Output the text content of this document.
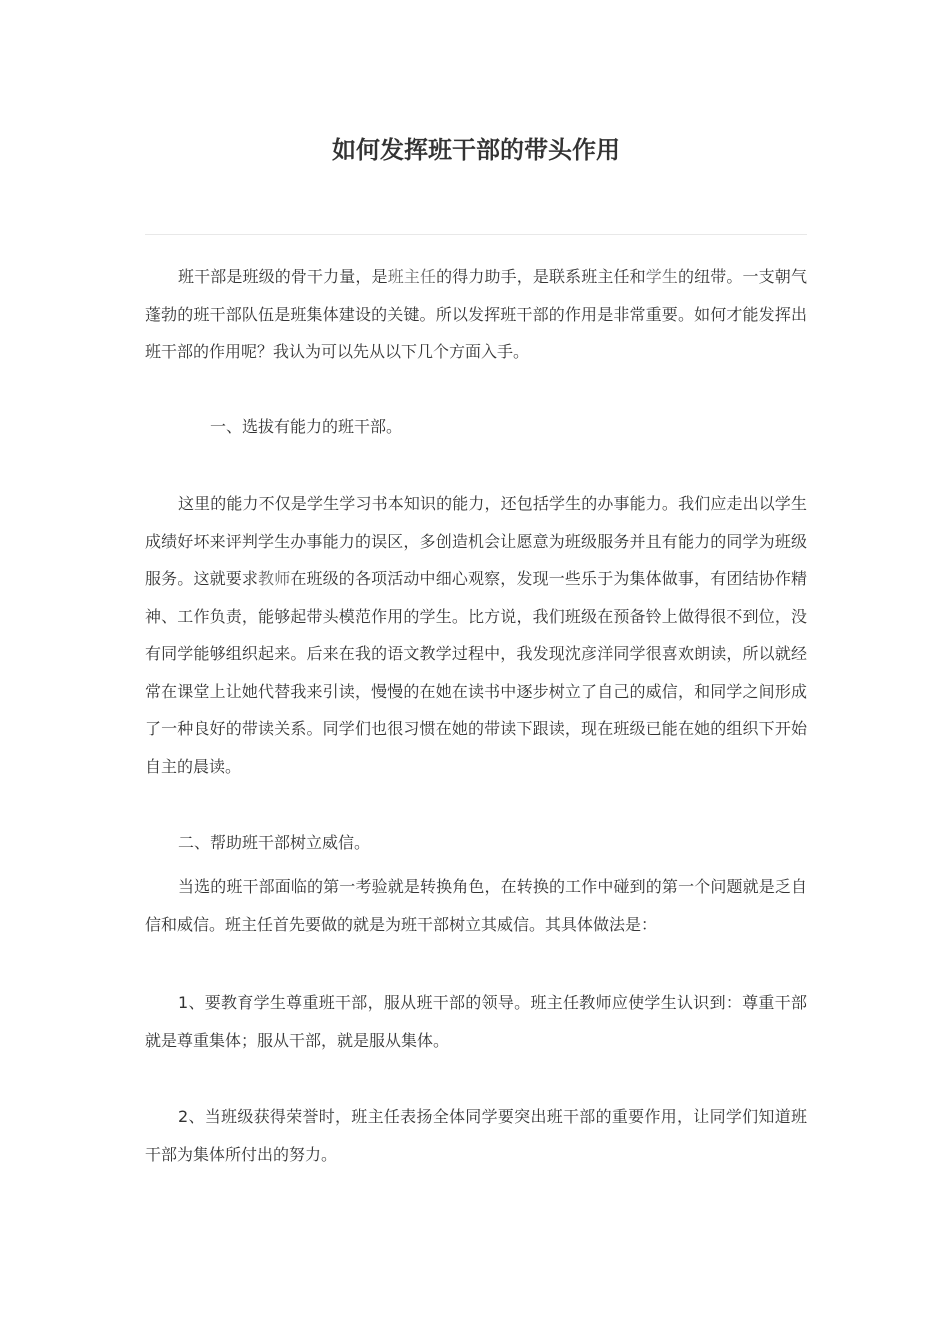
如何发挥班干部的带头作用

班干部是班级的骨干力量，是班主任的得力助手，是联系班主任和学生的纽带。一支朝气蓬勃的班干部队伍是班集体建设的关键。所以发挥班干部的作用是非常重要。如何才能发挥出班干部的作用呢？我认为可以先从以下几个方面入手。

一、选拔有能力的班干部。

这里的能力不仅是学生学习书本知识的能力，还包括学生的办事能力。我们应走出以学生成绩好坏来评判学生办事能力的误区，多创造机会让愿意为班级服务并且有能力的同学为班级服务。这就要求教师在班级的各项活动中细心观察，发现一些乐于为集体做事，有团结协作精神、工作负责，能够起带头模范作用的学生。比方说，我们班级在预备铃上做得很不到位，没有同学能够组织起来。后来在我的语文教学过程中，我发现沈彦洋同学很喜欢朗读，所以就经常在课堂上让她代替我来引读，慢慢的在她在读书中逐步树立了自己的威信，和同学之间形成了一种良好的带读关系。同学们也很习惯在她的带读下跟读，现在班级已能在她的组织下开始自主的晨读。

二、帮助班干部树立威信。

当选的班干部面临的第一考验就是转换角色，在转换的工作中碰到的第一个问题就是乏自信和威信。班主任首先要做的就是为班干部树立其威信。其具体做法是：

1、要教育学生尊重班干部，服从班干部的领导。班主任教师应使学生认识到：尊重干部就是尊重集体；服从干部，就是服从集体。

2、当班级获得荣誉时，班主任表扬全体同学要突出班干部的重要作用，让同学们知道班干部为集体所付出的努力。
